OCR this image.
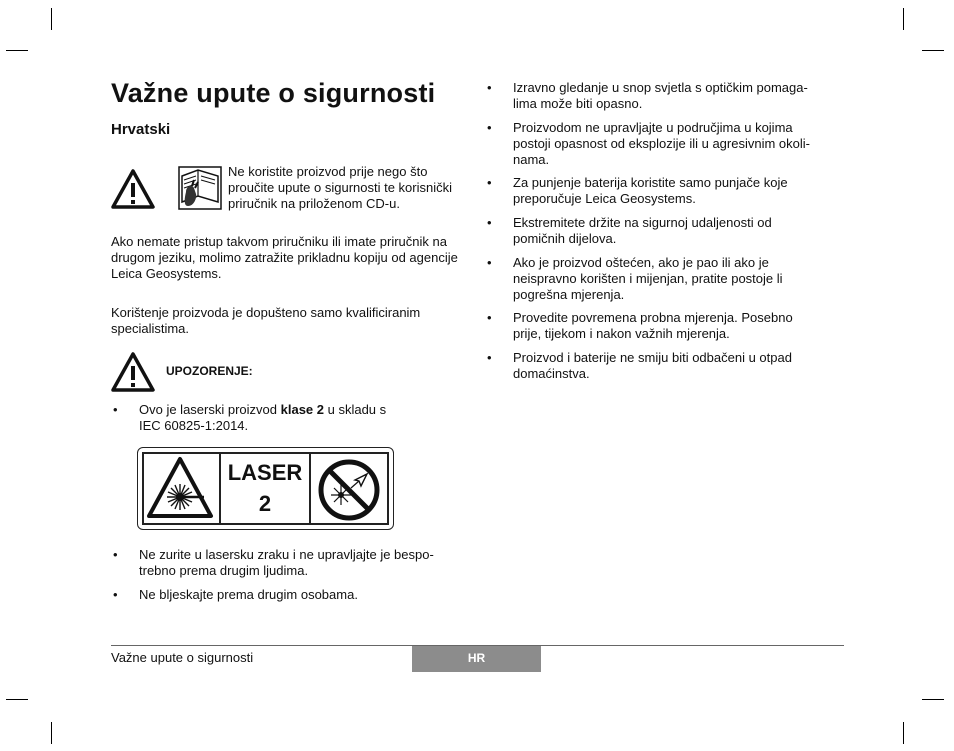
Važne upute o sigurnosti
Hrvatski

Ne koristite proizvod prije nego što proučite upute o sigurnosti te korisnički priručnik na priloženom CD-u.

Ako nemate pristup takvom priručniku ili imate priručnik na drugom jeziku, molimo zatražite prikladnu kopiju od agencije Leica Geosystems.

Korištenje proizvoda je dopušteno samo kvalificiranim specialistima.

UPOZORENJE:

• Ovo je laserski proizvod klase 2 u skladu s
IEC 60825-1:2014.
LASER
2
• Ne zurite u lasersku zraku i ne upravljajte je bespo-
trebno prema drugim ljudima.
• Ne bljeskajte prema drugim osobama.
• Izravno gledanje u snop svjetla s optičkim pomaga-
lima može biti opasno.
• Proizvodom ne upravljajte u područjima u kojima
postoji opasnost od eksplozije ili u agresivnim okoli-
nama.
• Za punjenje baterija koristite samo punjače koje
preporučuje Leica Geosystems.
• Ekstremitete držite na sigurnoj udaljenosti od
pomičnih dijelova.
• Ako je proizvod oštećen, ako je pao ili ako je
neispravno korišten i mijenjan, pratite postoje li
pogrešna mjerenja.
• Provedite povremena probna mjerenja. Posebno
prije, tijekom i nakon važnih mjerenja.
• Proizvod i baterije ne smiju biti odbačeni u otpad
domaćinstva.
Važne upute o sigurnosti	HR
